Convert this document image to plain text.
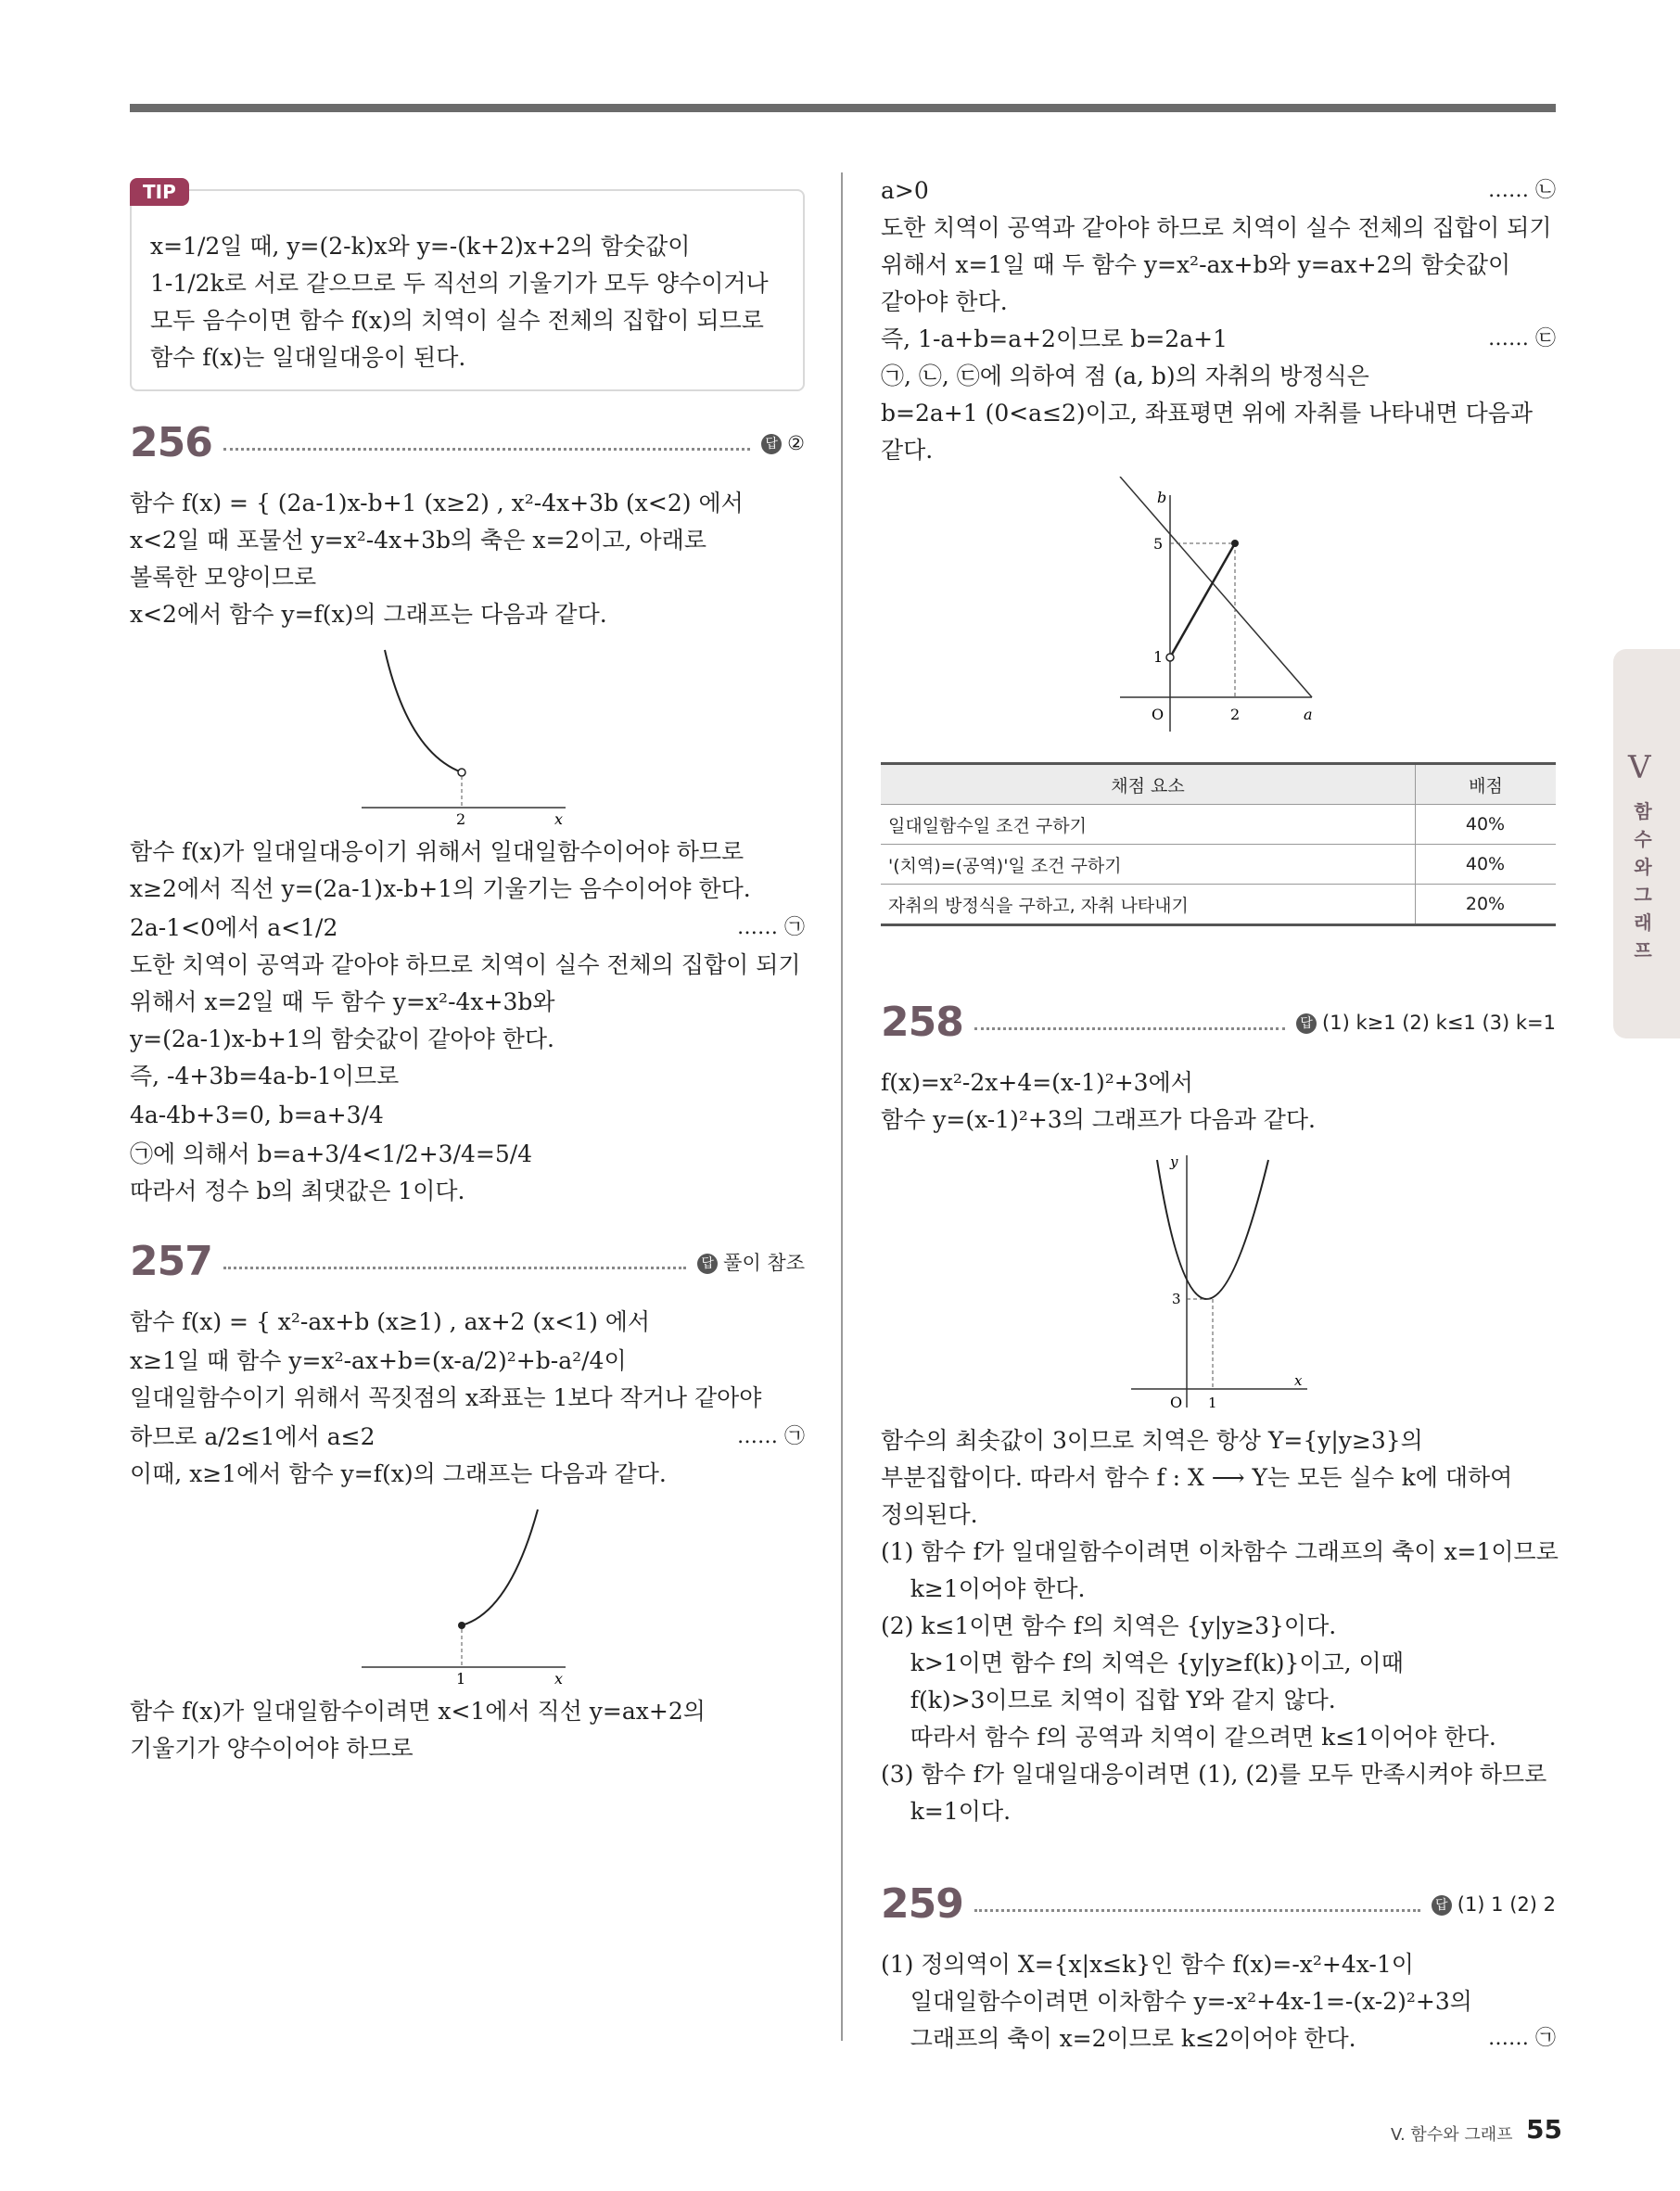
TIP
x=1/2일 때, y=(2-k)x와 y=-(k+2)x+2의 함숫값이
1-1/2k로 서로 같으므로 두 직선의 기울기가 모두 양수이거나
모두 음수이면 함수 f(x)의 치역이 실수 전체의 집합이 되므로
함수 f(x)는 일대일대응이 된다.
256	답 ②
함수 f(x) = { (2a-1)x-b+1 (x≥2) , x²-4x+3b (x<2) 에서
x<2일 때 포물선 y=x²-4x+3b의 축은 x=2이고, 아래로
볼록한 모양이므로
x<2에서 함수 y=f(x)의 그래프는 다음과 같다.
2	x
함수 f(x)가 일대일대응이기 위해서 일대일함수이어야 하므로
x≥2에서 직선 y=(2a-1)x-b+1의 기울기는 음수이어야 한다.
2a-1<0에서 a<1/2	…… ㉠
도한 치역이 공역과 같아야 하므로 치역이 실수 전체의 집합이 되기
위해서 x=2일 때 두 함수 y=x²-4x+3b와
y=(2a-1)x-b+1의 함숫값이 같아야 한다.
즉, -4+3b=4a-b-1이므로
4a-4b+3=0, b=a+3/4
㉠에 의해서 b=a+3/4<1/2+3/4=5/4
따라서 정수 b의 최댓값은 1이다.
257	답 풀이 참조
함수 f(x) = { x²-ax+b (x≥1) , ax+2 (x<1) 에서
x≥1일 때 함수 y=x²-ax+b=(x-a/2)²+b-a²/4이
일대일함수이기 위해서 꼭짓점의 x좌표는 1보다 작거나 같아야
하므로 a/2≤1에서 a≤2	…… ㉠
이때, x≥1에서 함수 y=f(x)의 그래프는 다음과 같다.
1	x
함수 f(x)가 일대일함수이려면 x<1에서 직선 y=ax+2의
기울기가 양수이어야 하므로
a>0	…… ㉡
도한 치역이 공역과 같아야 하므로 치역이 실수 전체의 집합이 되기
위해서 x=1일 때 두 함수 y=x²-ax+b와 y=ax+2의 함숫값이
같아야 한다.
즉, 1-a+b=a+2이므로 b=2a+1	…… ㉢
㉠, ㉡, ㉢에 의하여 점 (a, b)의 자취의 방정식은
b=2a+1 (0<a≤2)이고, 좌표평면 위에 자취를 나타내면 다음과
같다.
b
a
O
5
1
2
채점 요소	배점
일대일함수일 조건 구하기	40%
'(치역)=(공역)'일 조건 구하기	40%
자취의 방정식을 구하고, 자취 나타내기	20%
258	답 (1) k≥1 (2) k≤1 (3) k=1
f(x)=x²-2x+4=(x-1)²+3에서
함수 y=(x-1)²+3의 그래프가 다음과 같다.
y
x
O
3
1
함수의 최솟값이 3이므로 치역은 항상 Y={y|y≥3}의
부분집합이다. 따라서 함수 f : X ⟶ Y는 모든 실수 k에 대하여
정의된다.
(1) 함수 f가 일대일함수이려면 이차함수 그래프의 축이 x=1이므로
k≥1이어야 한다.
(2) k≤1이면 함수 f의 치역은 {y|y≥3}이다.
k>1이면 함수 f의 치역은 {y|y≥f(k)}이고, 이때
f(k)>3이므로 치역이 집합 Y와 같지 않다.
따라서 함수 f의 공역과 치역이 같으려면 k≤1이어야 한다.
(3) 함수 f가 일대일대응이려면 (1), (2)를 모두 만족시켜야 하므로
k=1이다.
259	답 (1) 1 (2) 2
(1) 정의역이 X={x|x≤k}인 함수 f(x)=-x²+4x-1이
일대일함수이려면 이차함수 y=-x²+4x-1=-(x-2)²+3의
그래프의 축이 x=2이므로 k≤2이어야 한다.	…… ㉠
V
함수와 그래프
V. 함수와 그래프 55
